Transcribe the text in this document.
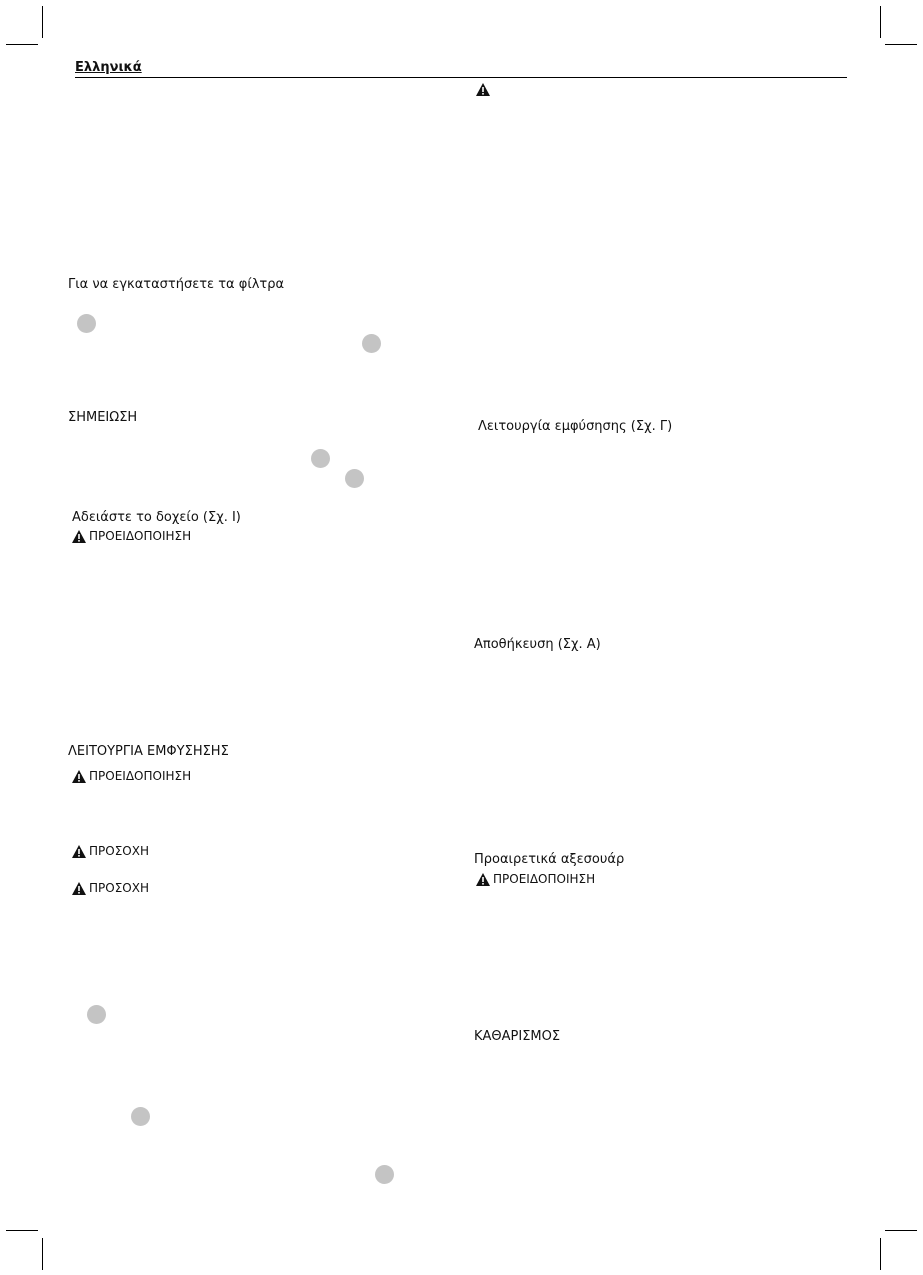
Ελληνικά

Για να εγκαταστήσετε τα φίλτρα

ΣΗΜΕΙΩΣΗ

Αδειάστε το δοχείο (Σχ. Ι)

ΠΡΟΕΙΔΟΠΟΙΗΣΗ

ΛΕΙΤΟΥΡΓΙΑ ΕΜΦΥΣΗΣΗΣ

ΠΡΟΕΙΔΟΠΟΙΗΣΗ
ΠΡΟΣΟΧΗ
ΠΡΟΣΟΧΗ

Λειτουργία εμφύσησης (Σχ. Γ)

Αποθήκευση (Σχ. Α)

Προαιρετικά αξεσουάρ

ΠΡΟΕΙΔΟΠΟΙΗΣΗ

ΚΑΘΑΡΙΣΜΟΣ
